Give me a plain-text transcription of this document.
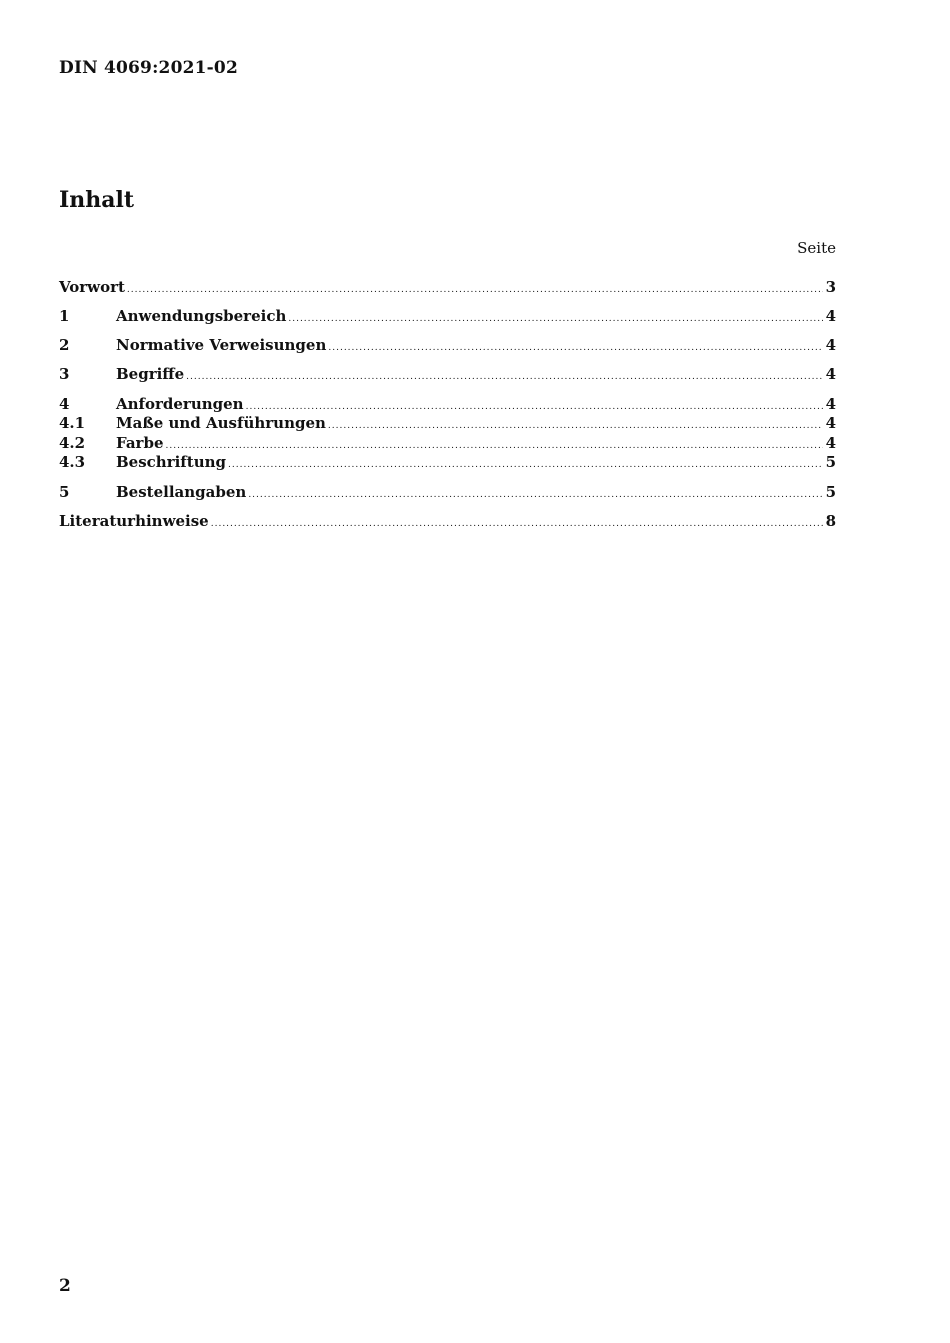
DIN 4069:2021-02
Inhalt
Seite
Vorwort .....	3
1	Anwendungsbereich .....	4
2	Normative Verweisungen .....	4
3	Begriffe .....	4
4	Anforderungen .....	4
4.1	Maße und Ausführungen .....	4
4.2	Farbe .....	4
4.3	Beschriftung .....	5
5	Bestellangaben .....	5
Literaturhinweise .....	8
2
